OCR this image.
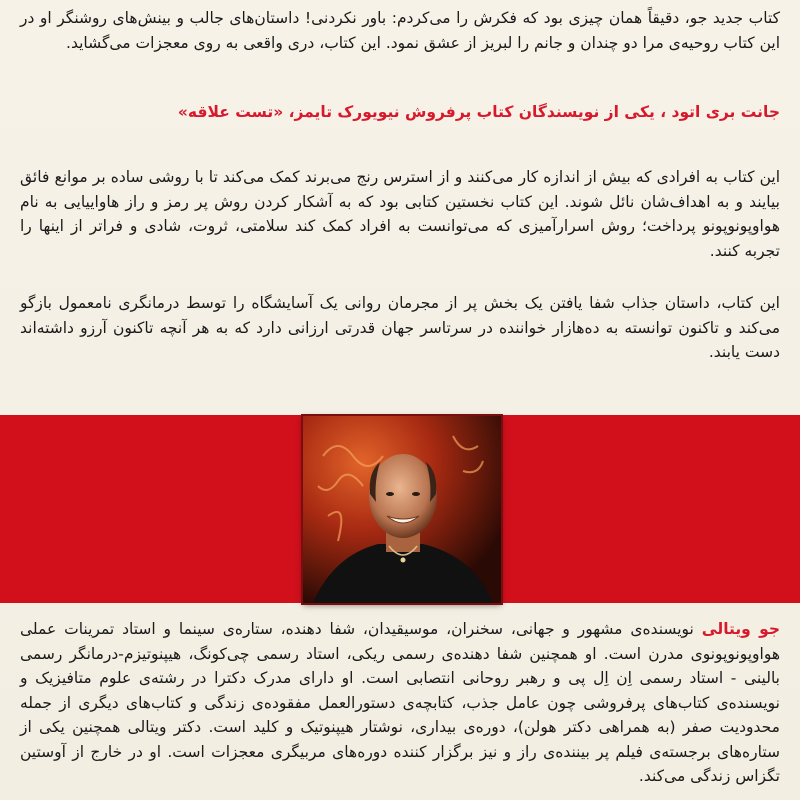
کتاب جدید جو، دقیقاً همان چیزی بود که فکرش را می‌کردم: باور نکردنی! داستان‌های جالب و بینش‌های روشنگر او در این کتاب روحیه‌ی مرا دو چندان و جانم را لبریز از عشق نمود. این کتاب، دری واقعی به روی معجزات می‌گشاید.

جانت بری اتود ، یکی از نویسندگان کتاب پرفروش نیویورک تایمز، «تست علاقه»

این کتاب به افرادی که بیش از اندازه کار می‌کنند و از استرس رنج می‌برند کمک می‌کند تا با روشی ساده بر موانع فائق بیایند و به اهداف‌شان نائل شوند. این کتاب نخستین کتابی بود که به آشکار کردن روش پر رمز و راز هاواییایی به نام هواوپونوپونو پرداخت؛ روش اسرارآمیزی که می‌توانست به افراد کمک کند سلامتی، ثروت، شادی و فراتر از اینها را تجربه کنند.

این کتاب، داستان جذاب شفا یافتن یک بخش پر از مجرمان روانی یک آسایشگاه را توسط درمانگری نامعمول بازگو می‌کند و تاکنون توانسته به ده‌هازار خواننده در سرتاسر جهان قدرتی ارزانی دارد که به هر آنچه تاکنون آرزو داشته‌اند دست یابند.

جو ویتالی نویسنده‌ی مشهور و جهانی، سخنران، موسیقیدان، شفا دهنده، ستاره‌ی سینما و استاد تمرینات عملی هواوپونوپونوی مدرن است. او همچنین شفا دهنده‌ی رسمی ریکی، استاد رسمی چی‌کونگ، هیپنوتیزم-درمانگر رسمی بالینی - استاد رسمی اِن اِل پی و رهبر روحانی انتصابی است. او دارای مدرک دکترا در رشته‌ی علوم متافیزیک و نویسنده‌ی کتاب‌های پرفروشی چون عامل جذب، کتابچه‌ی دستورالعمل مفقوده‌ی زندگی و کتاب‌های دیگری از جمله محدودیت صفر (به همراهی دکتر هولن)، دوره‌ی بیداری، نوشتار هیپنوتیک و کلید است. دکتر ویتالی همچنین یکی از ستاره‌های برجسته‌ی فیلم پر بیننده‌ی راز و نیز برگزار کننده دوره‌های مربیگری معجزات است. او در خارج از آوستین تگزاس زندگی می‌کند.
